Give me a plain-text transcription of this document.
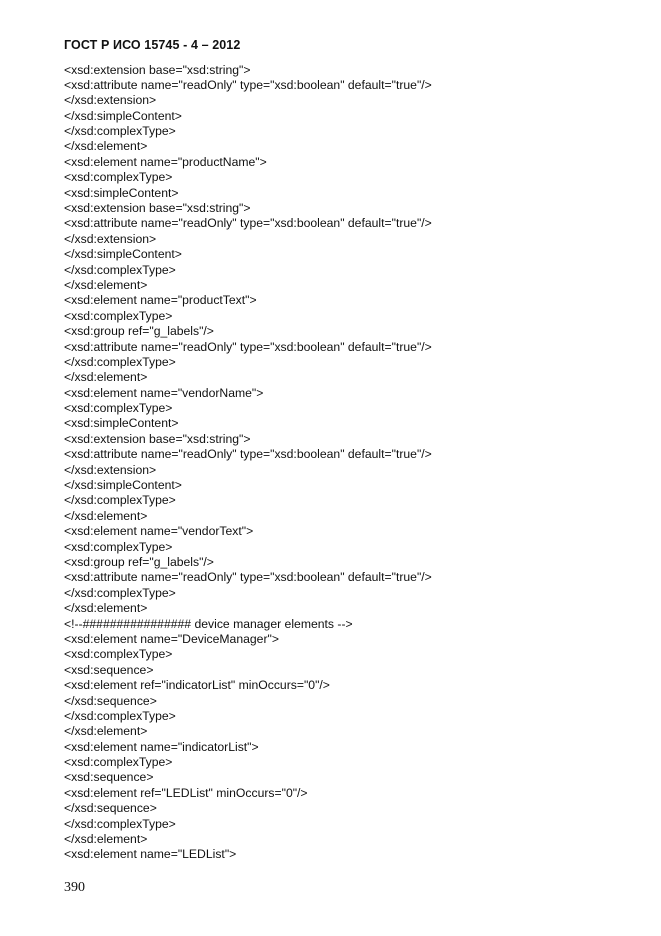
ГОСТ Р ИСО 15745 - 4 – 2012
<xsd:extension base="xsd:string">
<xsd:attribute name="readOnly" type="xsd:boolean" default="true"/>
</xsd:extension>
</xsd:simpleContent>
</xsd:complexType>
</xsd:element>
<xsd:element name="productName">
<xsd:complexType>
<xsd:simpleContent>
<xsd:extension base="xsd:string">
<xsd:attribute name="readOnly" type="xsd:boolean" default="true"/>
</xsd:extension>
</xsd:simpleContent>
</xsd:complexType>
</xsd:element>
<xsd:element name="productText">
<xsd:complexType>
<xsd:group ref="g_labels"/>
<xsd:attribute name="readOnly" type="xsd:boolean" default="true"/>
</xsd:complexType>
</xsd:element>
<xsd:element name="vendorName">
<xsd:complexType>
<xsd:simpleContent>
<xsd:extension base="xsd:string">
<xsd:attribute name="readOnly" type="xsd:boolean" default="true"/>
</xsd:extension>
</xsd:simpleContent>
</xsd:complexType>
</xsd:element>
<xsd:element name="vendorText">
<xsd:complexType>
<xsd:group ref="g_labels"/>
<xsd:attribute name="readOnly" type="xsd:boolean" default="true"/>
</xsd:complexType>
</xsd:element>
<!--################ device manager elements -->
<xsd:element name="DeviceManager">
<xsd:complexType>
<xsd:sequence>
<xsd:element ref="indicatorList" minOccurs="0"/>
</xsd:sequence>
</xsd:complexType>
</xsd:element>
<xsd:element name="indicatorList">
<xsd:complexType>
<xsd:sequence>
<xsd:element ref="LEDList" minOccurs="0"/>
</xsd:sequence>
</xsd:complexType>
</xsd:element>
<xsd:element name="LEDList">
390
